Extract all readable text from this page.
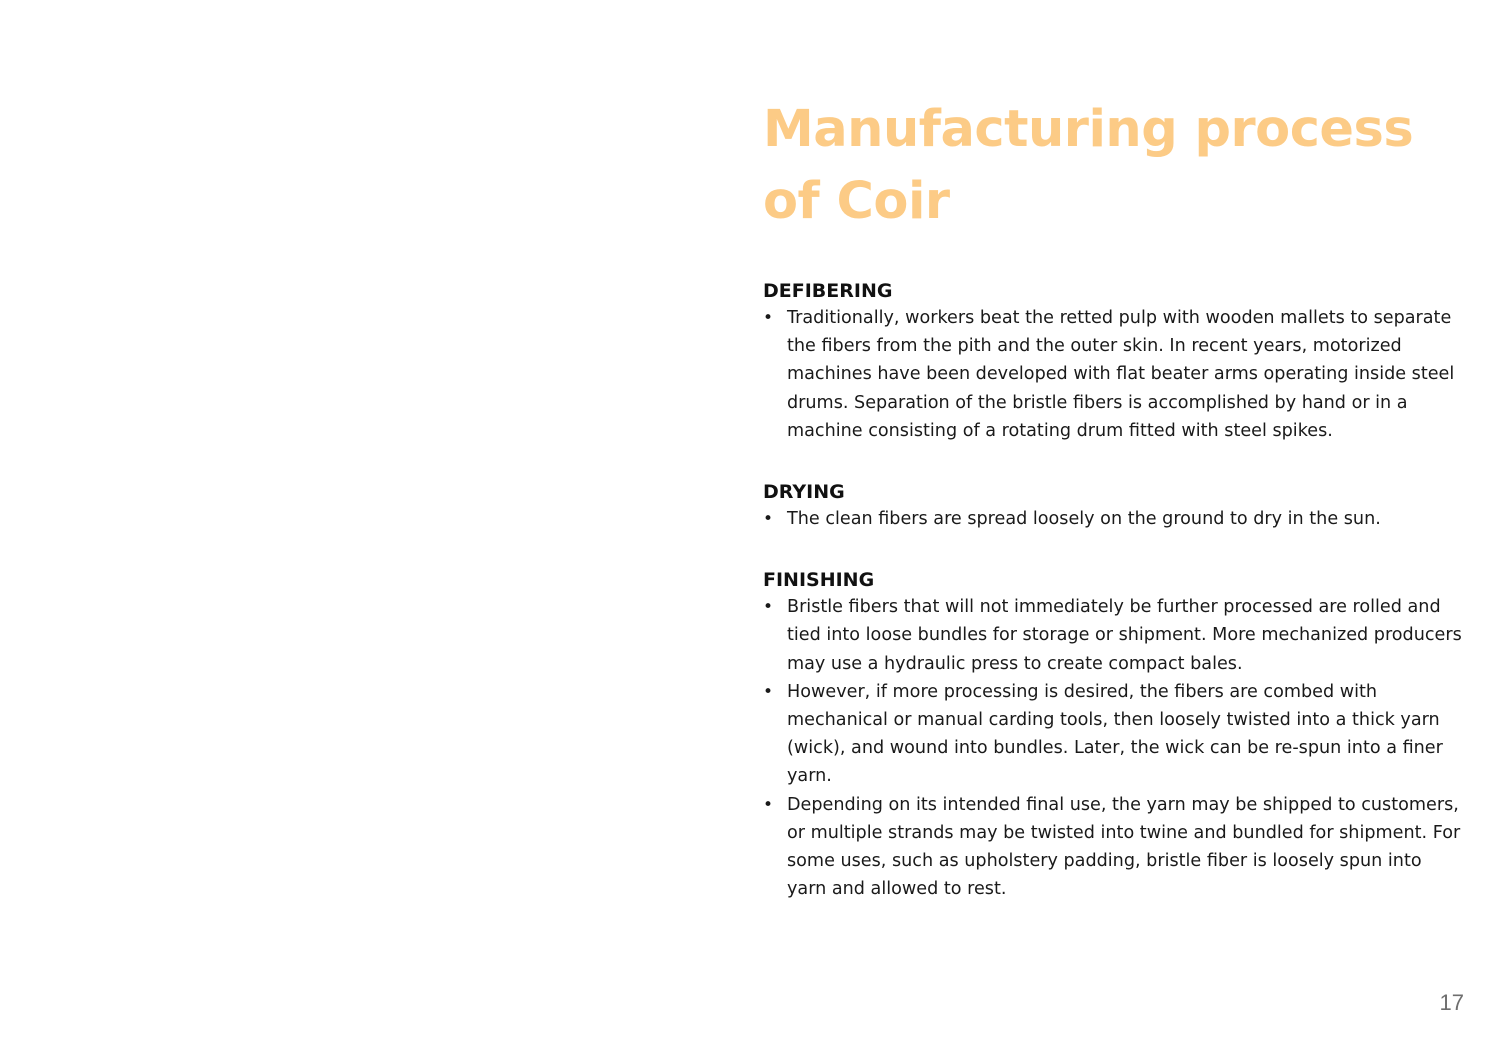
Manufacturing process
of Coir
DEFIBERING
• Traditionally, workers beat the retted pulp with wooden mallets to separate the fibers from the pith and the outer skin. In recent years, motorized machines have been developed with flat beater arms operating inside steel drums. Separation of the bristle fibers is accomplished by hand or in a machine consisting of a rotating drum fitted with steel spikes.
DRYING
• The clean fibers are spread loosely on the ground to dry in the sun.
FINISHING
• Bristle fibers that will not immediately be further processed are rolled and tied into loose bundles for storage or shipment. More mechanized producers may use a hydraulic press to create compact bales.
• However, if more processing is desired, the fibers are combed with mechanical or manual carding tools, then loosely twisted into a thick yarn (wick), and wound into bundles. Later, the wick can be re-spun into a finer yarn.
• Depending on its intended final use, the yarn may be shipped to customers, or multiple strands may be twisted into twine and bundled for shipment. For some uses, such as upholstery padding, bristle fiber is loosely spun into yarn and allowed to rest.
17
